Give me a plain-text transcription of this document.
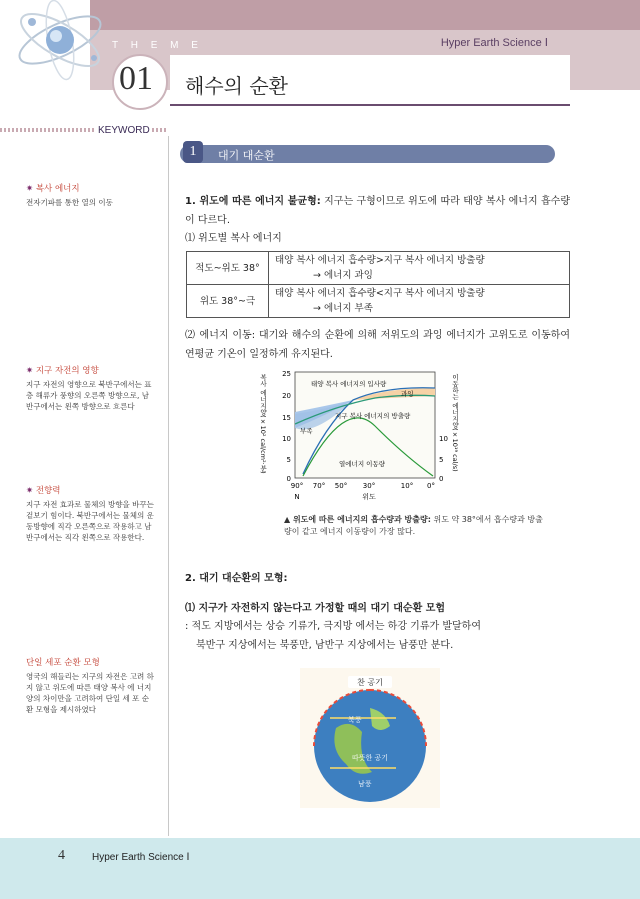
Hyper Earth Science Ⅰ
T H E M E
01 해수의 순환
KEYWORD
✷ 복사 에너지
전자기파를 통한 열의 이동
✷ 지구 자전의 영향
지구 자전의 영향으로 북반구에서는 표층 해류가 풍향의 오른쪽 방향으로, 남반구에서는 왼쪽 방향으로 흐른다
✷ 전향력
지구 자전 효과로 물체의 방향을 바꾸는 겉보기 힘이다. 북반구에서는 물체의 운동방향에 직각 오른쪽으로 작용하고 남반구에서는 직각 왼쪽으로 작용한다.
단일 세포 순환 모형
영국의 해들리는 지구의 자전은 고려 하지 않고 위도에 따른 태양 복사 에 너지양의 차이만을 고려하여 단일 세 포 순환 모형을 제시하였다
1	대기 대순환
1. 위도에 따른 에너지 불균형: 지구는 구형이므로 위도에 따라 태양 복사 에너지 흡수량이 다르다.
⑴ 위도별 복사 에너지
적도~위도 38°	태양 복사 에너지 흡수량>지구 복사 에너지 방출량
→ 에너지 과잉

위도 38°~극	태양 복사 에너지 흡수량<지구 복사 에너지 방출량
→ 에너지 부족
⑵ 에너지 이동: 대기와 해수의 순환에 의해 저위도의 과잉 에너지가 고위도로 이동하여 연평균 기온이 일정하게 유지된다.
25
20
15
10
5
0
10
5
0
90° 70° 50° 30°	10° 0°
N	위도
복사 에너지양(×10² cal/cm²·분)	이동하는 에너지양(×10¹⁹ cal/s)
태양 복사 에너지의 입사량
과잉
지구 복사 에너지의 방출량
부족
열에너지 이동량
▲ 위도에 따른 에너지의 흡수량과 방출량: 위도 약 38°에서 흡수량과 방출량이 같고 에너지 이동량이 가장 많다.
2. 대기 대순환의 모형:
⑴ 지구가 자전하지 않는다고 가정할 때의 대기 대순환 모험
: 적도 지방에서는 상승 기류가, 극지방 에서는 하강 기류가 발달하여
북반구 지상에서는 북풍만, 남반구 지상에서는 남풍만 분다.
찬 공기
북풍
따뜻한 공기
남풍
4	Hyper Earth Science Ⅰ
